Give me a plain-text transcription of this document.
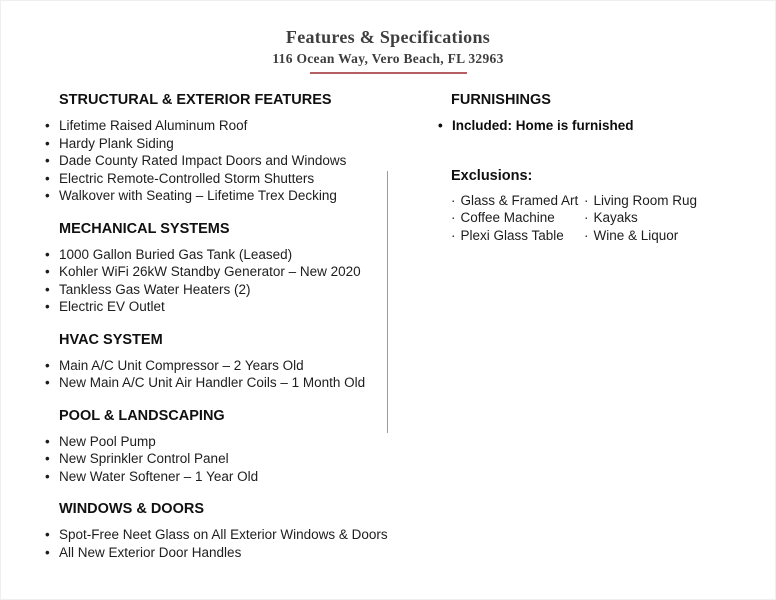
Features & Specifications
116 Ocean Way, Vero Beach, FL 32963
STRUCTURAL & EXTERIOR FEATURES
• Lifetime Raised Aluminum Roof
• Hardy Plank Siding
• Dade County Rated Impact Doors and Windows
• Electric Remote-Controlled Storm Shutters
• Walkover with Seating – Lifetime Trex Decking
MECHANICAL SYSTEMS
• 1000 Gallon Buried Gas Tank (Leased)
• Kohler WiFi 26kW Standby Generator – New 2020
• Tankless Gas Water Heaters (2)
• Electric EV Outlet
HVAC SYSTEM
• Main A/C Unit Compressor – 2 Years Old
• New Main A/C Unit Air Handler Coils – 1 Month Old
POOL & LANDSCAPING
• New Pool Pump
• New Sprinkler Control Panel
• New Water Softener – 1 Year Old
WINDOWS & DOORS
• Spot-Free Neet Glass on All Exterior Windows & Doors
• All New Exterior Door Handles
FURNISHINGS
• Included: Home is furnished
Exclusions:
· Glass & Framed Art · Living Room Rug
· Coffee Machine · Kayaks
· Plexi Glass Table · Wine & Liquor
